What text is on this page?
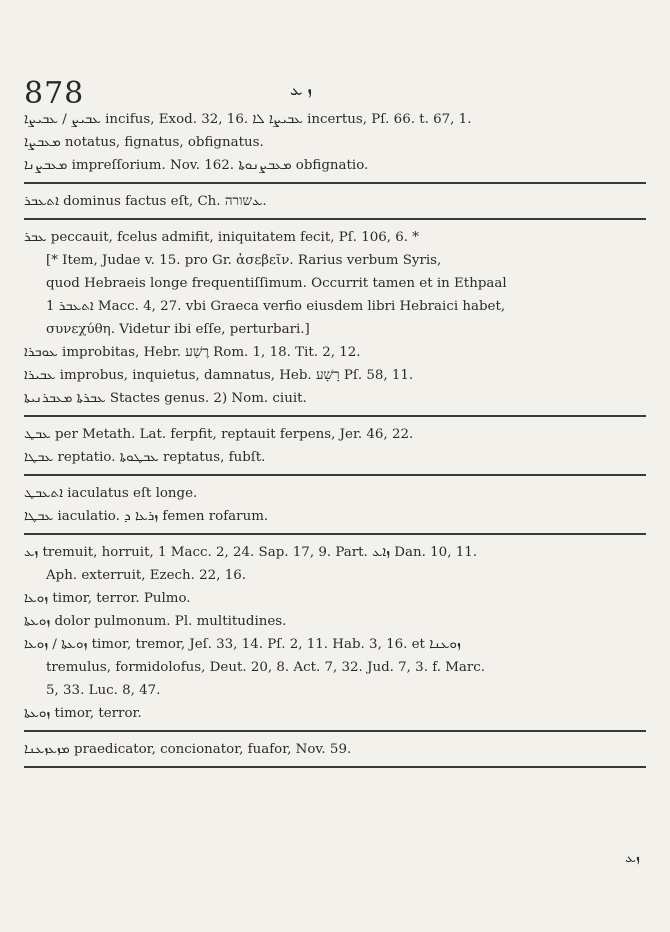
878	ܙ ܥ
ܥܒܝܨ / ܥܒܝܨܐ incifus, Exod. 32, 16. ܥܒܝܨܐ ܠܐ incertus, Pſ. 66. t. 67, 1.
ܡܥܒܨܐ notatus, fignatus, obfignatus.
ܡܥܒܨܢܐ impreſſorium. Nov. 162. ܡܥܒܨܢܘܬܐ obfignatio.
ܐܬܥܒܪ dominus factus eſt, Ch. ܥשורה.
ܥܒܪ peccauit, fcelus admifit, iniquitatem fecit, Pſ. 106, 6. *
[* Item, Judae v. 15. pro Gr. ἀσεβεῖν. Rarius verbum Syris,
quod Hebraeis longe frequentiſſimum. Occurrit tamen et in Ethpaal
ܐܬܥܒܪ 1 Macc. 4, 27. vbi Graeca verfio eiusdem libri Hebraici habet,
συνεχύθη. Videtur ibi eſſe, perturbari.]
ܥܘܒܪܐ improbitas, Hebr. רֶשַׁע Rom. 1, 18. Tit. 2, 12.
ܥܒܝܪܐ improbus, inquietus, damnatus, Heb. רָשָׁע Pſ. 58, 11.
ܥܒܪܬܐ ܡܥܒܪܢܝܬܐ Stactes genus. 2) Nom. ciuit.
ܥܒܛ per Metath. Lat. ferpfit, reptauit ferpens, Jer. 46, 22.
ܥܒܛܐ reptatio. ܥܒܛܘܬܐ reptatus, fubſt.
ܐܬܥܒܛ iaculatus eſt longe.
ܥܒܛܐ iaculatio. ܙܪܥܐ ܕ femen rofarum.
ܙܥ tremuit, horruit, 1 Macc. 2, 24. Sap. 17, 9. Part. ܙܐܥ Dan. 10, 11.
Aph. exterruit, Ezech. 22, 16.
ܙܘܥܐ timor, terror. Pulmo.
ܙܘܥܬܐ dolor pulmonum. Pl. multitudines.
ܙܘܥܬܐ / ܙܘܥܐ timor, tremor, Jeſ. 33, 14. Pſ. 2, 11. Hab. 3, 16. et ܙܘܥܢܐ
tremulus, formidolofus, Deut. 20, 8. Act. 7, 32. Jud. 7, 3. f. Marc.
5, 33. Luc. 8, 47.
ܙܘܥܬܐ timor, terror.
ܡܙܥܙܥܢܐ praedicator, concionator, fuafor, Nov. 59.
ܙܥ
